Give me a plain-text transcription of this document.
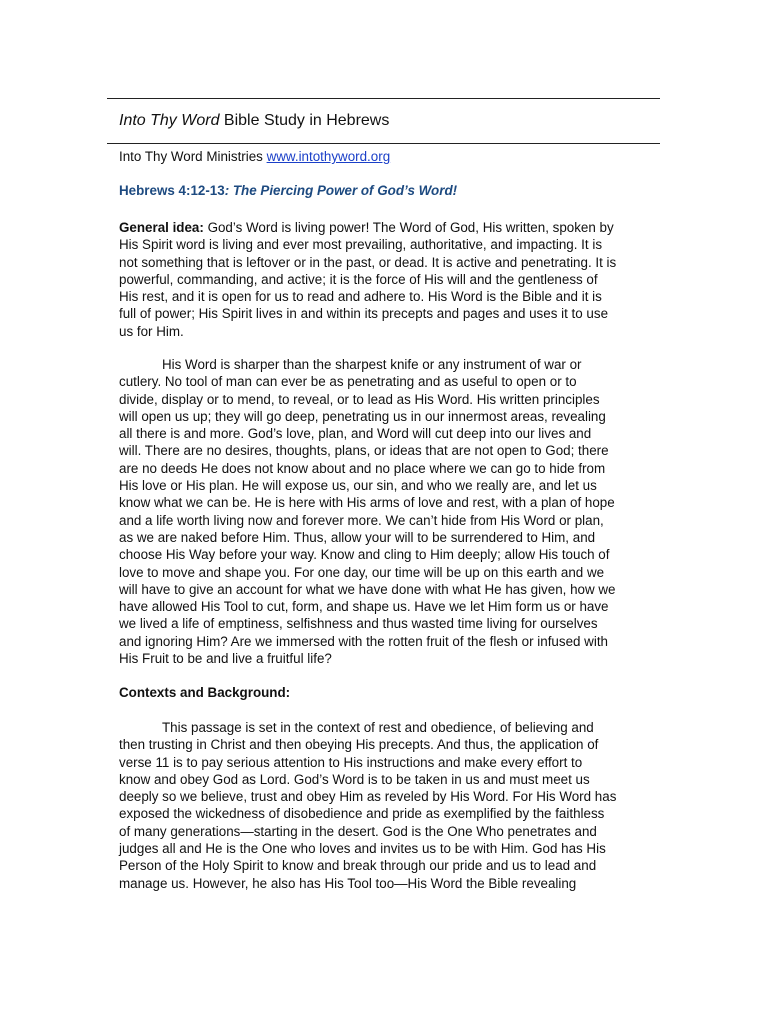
Into Thy Word Bible Study in Hebrews
Into Thy Word Ministries www.intothyword.org
Hebrews 4:12-13: The Piercing Power of God’s Word!
General idea: God’s Word is living power! The Word of God, His written, spoken by
His Spirit word is living and ever most prevailing, authoritative, and impacting. It is
not something that is leftover or in the past, or dead. It is active and penetrating. It is
powerful, commanding, and active; it is the force of His will and the gentleness of
His rest, and it is open for us to read and adhere to. His Word is the Bible and it is
full of power; His Spirit lives in and within its precepts and pages and uses it to use
us for Him.
His Word is sharper than the sharpest knife or any instrument of war or
cutlery. No tool of man can ever be as penetrating and as useful to open or to
divide, display or to mend, to reveal, or to lead as His Word. His written principles
will open us up; they will go deep, penetrating us in our innermost areas, revealing
all there is and more. God’s love, plan, and Word will cut deep into our lives and
will. There are no desires, thoughts, plans, or ideas that are not open to God; there
are no deeds He does not know about and no place where we can go to hide from
His love or His plan. He will expose us, our sin, and who we really are, and let us
know what we can be. He is here with His arms of love and rest, with a plan of hope
and a life worth living now and forever more. We can’t hide from His Word or plan,
as we are naked before Him. Thus, allow your will to be surrendered to Him, and
choose His Way before your way. Know and cling to Him deeply; allow His touch of
love to move and shape you. For one day, our time will be up on this earth and we
will have to give an account for what we have done with what He has given, how we
have allowed His Tool to cut, form, and shape us. Have we let Him form us or have
we lived a life of emptiness, selfishness and thus wasted time living for ourselves
and ignoring Him? Are we immersed with the rotten fruit of the flesh or infused with
His Fruit to be and live a fruitful life?
Contexts and Background:
This passage is set in the context of rest and obedience, of believing and
then trusting in Christ and then obeying His precepts. And thus, the application of
verse 11 is to pay serious attention to His instructions and make every effort to
know and obey God as Lord. God’s Word is to be taken in us and must meet us
deeply so we believe, trust and obey Him as reveled by His Word. For His Word has
exposed the wickedness of disobedience and pride as exemplified by the faithless
of many generations—starting in the desert. God is the One Who penetrates and
judges all and He is the One who loves and invites us to be with Him. God has His
Person of the Holy Spirit to know and break through our pride and us to lead and
manage us. However, he also has His Tool too—His Word the Bible revealing
